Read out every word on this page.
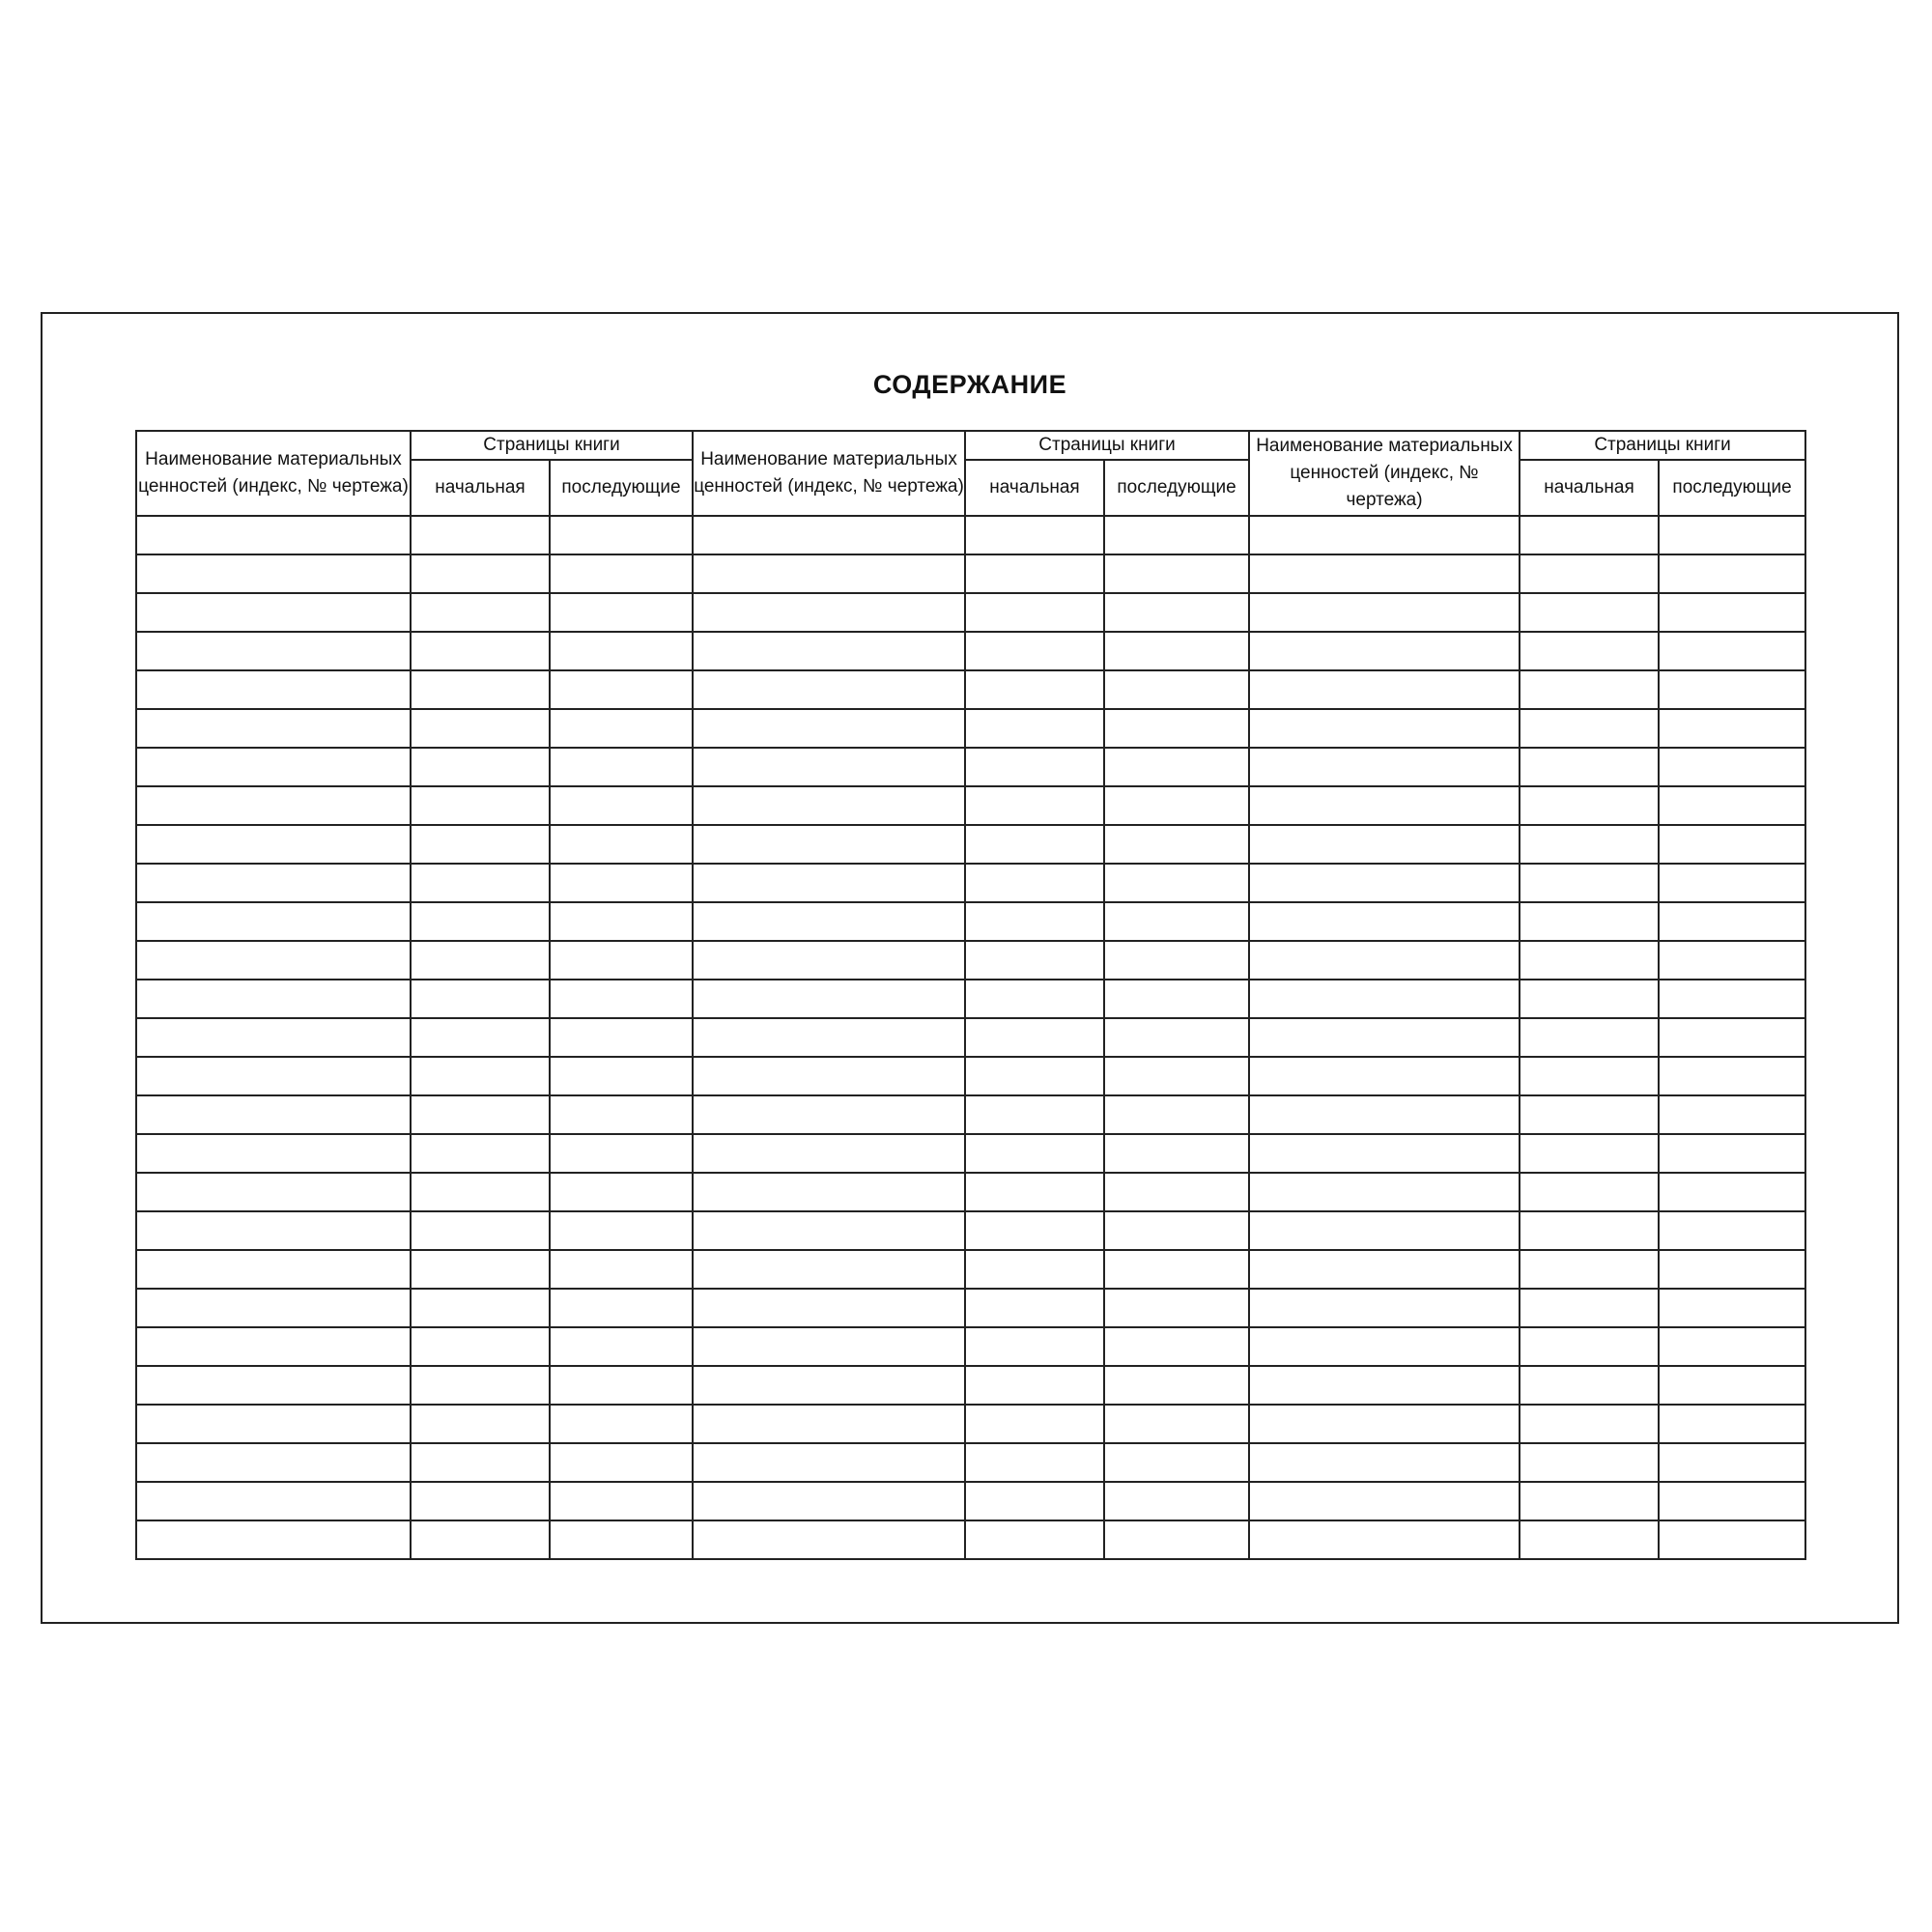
СОДЕРЖАНИЕ
Наименование материальных ценностей (индекс, № чертежа)	Страницы книги		Наименование материальных ценностей (индекс, № чертежа)	Страницы книги		Наименование материальных ценностей (индекс, № чертежа)	Страницы книги	
	начальная	последующие		начальная	последующие		начальная	последующие
